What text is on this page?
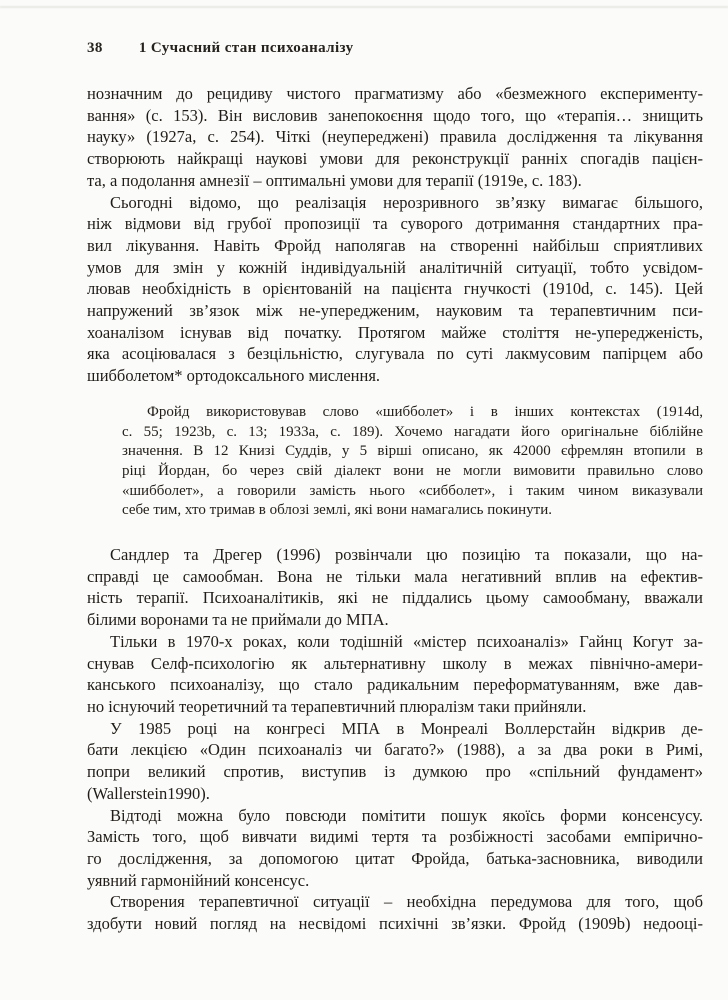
38 1 Сучасний стан психоаналізу
нозначним до рецидиву чистого прагматизму або «безмежного експерименту-
вання» (с. 153). Він висловив занепокоєння щодо того, що «терапія… знищить
науку» (1927a, с. 254). Чіткі (неупереджені) правила дослідження та лікування
створюють найкращі наукові умови для реконструкції ранніх спогадів пацієн-
та, а подолання амнезії – оптимальні умови для терапії (1919e, с. 183).
Сьогодні відомо, що реалізація нерозривного зв’язку вимагає більшого,
ніж відмови від грубої пропозиції та суворого дотримання стандартних пра-
вил лікування. Навіть Фройд наполягав на створенні найбільш сприятливих
умов для змін у кожній індивідуальній аналітичній ситуації, тобто усвідом-
лював необхідність в орієнтованій на пацієнта гнучкості (1910d, с. 145). Цей
напружений зв’язок між не-упередженим, науковим та терапевтичним пси-
хоаналізом існував від початку. Протягом майже століття не-упередженість,
яка асоціювалася з безцільністю, слугувала по суті лакмусовим папірцем або
шибболетом* ортодоксального мислення.
Фройд використовував слово «шибболет» і в інших контекстах (1914d,
с. 55; 1923b, с. 13; 1933a, с. 189). Хочемо нагадати його оригінальне біблійне
значення. В 12 Книзі Суддів, у 5 вірші описано, як 42000 єфремлян втопили в
ріці Йордан, бо через свій діалект вони не могли вимовити правильно слово
«шибболет», а говорили замість нього «сибболет», і таким чином виказували
себе тим, хто тримав в облозі землі, які вони намагались покинути.
Сандлер та Дрегер (1996) розвінчали цю позицію та показали, що на-
справді це самообман. Вона не тільки мала негативний вплив на ефектив-
ність терапії. Психоаналітиків, які не піддались цьому самообману, вважали
білими воронами та не приймали до МПА.
Тільки в 1970-х роках, коли тодішній «містер психоаналіз» Гайнц Когут за-
снував Селф-психологію як альтернативну школу в межах північно-амери-
канського психоаналізу, що стало радикальним переформатуванням, вже дав-
но існуючий теоретичний та терапевтичний плюралізм таки прийняли.
У 1985 році на конгресі МПА в Монреалі Воллерстайн відкрив де-
бати лекцією «Один психоаналіз чи багато?» (1988), а за два роки в Римі,
попри великий спротив, виступив із думкою про «спільний фундамент»
(Wallerstein1990).
Відтоді можна було повсюди помітити пошук якоїсь форми консенсусу.
Замість того, щоб вивчати видимі тертя та розбіжності засобами емпірично-
го дослідження, за допомогою цитат Фройда, батька-засновника, виводили
уявний гармонійний консенсус.
Створения терапевтичної ситуації – необхідна передумова для того, щоб
здобути новий погляд на несвідомі психічні зв’язки. Фройд (1909b) недооці-
